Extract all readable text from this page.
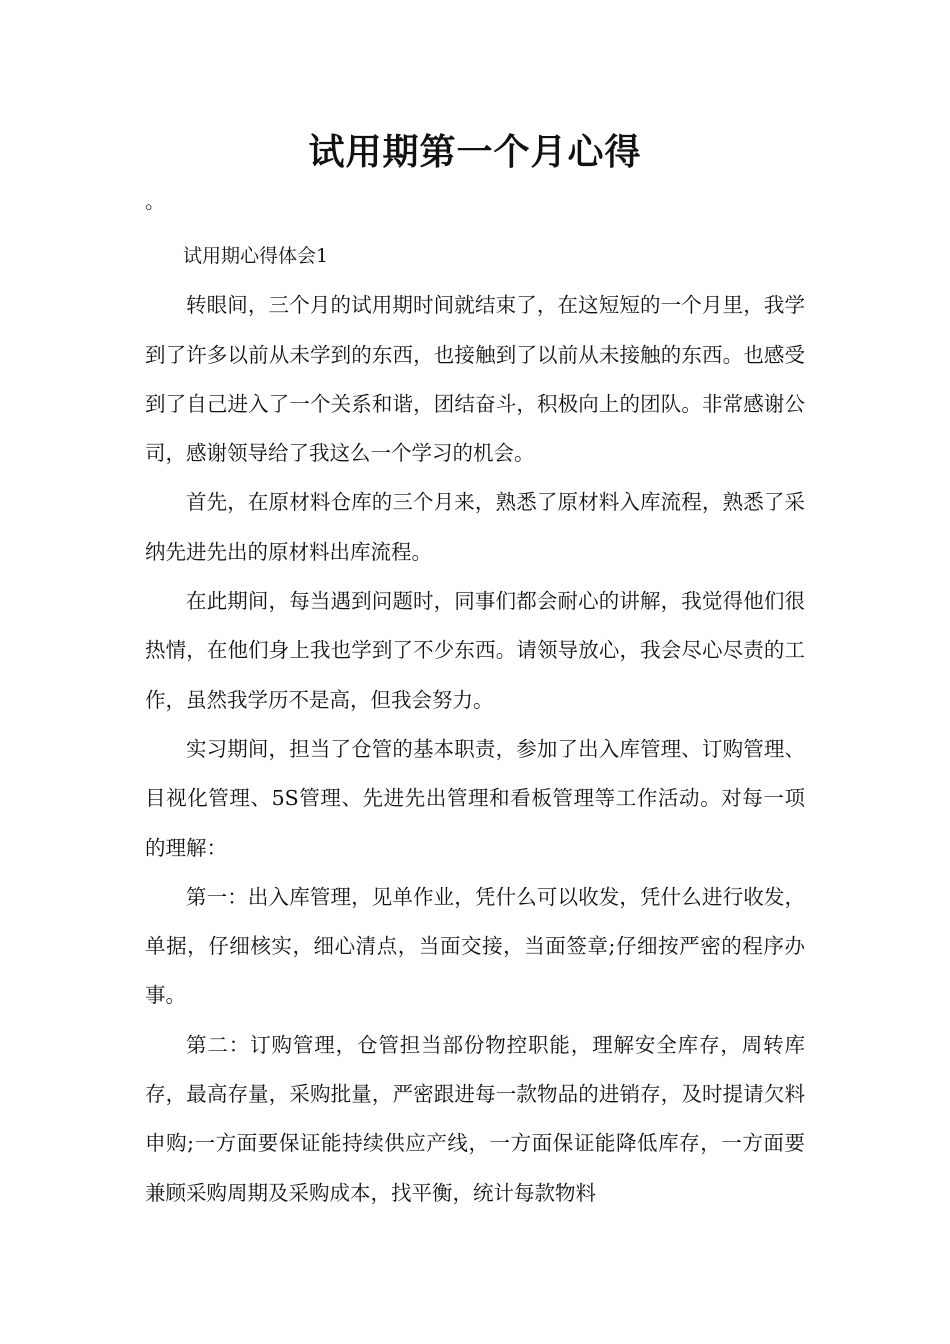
试用期第一个月心得
。

试用期心得体会1

转眼间，三个月的试用期时间就结束了，在这短短的一个月里，我学到了许多以前从未学到的东西，也接触到了以前从未接触的东西。也感受到了自己进入了一个关系和谐，团结奋斗，积极向上的团队。非常感谢公司，感谢领导给了我这么一个学习的机会。

首先，在原材料仓库的三个月来，熟悉了原材料入库流程，熟悉了采纳先进先出的原材料出库流程。

在此期间，每当遇到问题时，同事们都会耐心的讲解，我觉得他们很热情，在他们身上我也学到了不少东西。请领导放心，我会尽心尽责的工作，虽然我学历不是高，但我会努力。

实习期间，担当了仓管的基本职责，参加了出入库管理、订购管理、目视化管理、5S管理、先进先出管理和看板管理等工作活动。对每一项的理解：

第一：出入库管理，见单作业，凭什么可以收发，凭什么进行收发，单据，仔细核实，细心清点，当面交接，当面签章;仔细按严密的程序办事。

第二：订购管理，仓管担当部份物控职能，理解安全库存，周转库存，最高存量，采购批量，严密跟进每一款物品的进销存，及时提请欠料申购;一方面要保证能持续供应产线，一方面保证能降低库存，一方面要兼顾采购周期及采购成本，找平衡，统计每款物料
